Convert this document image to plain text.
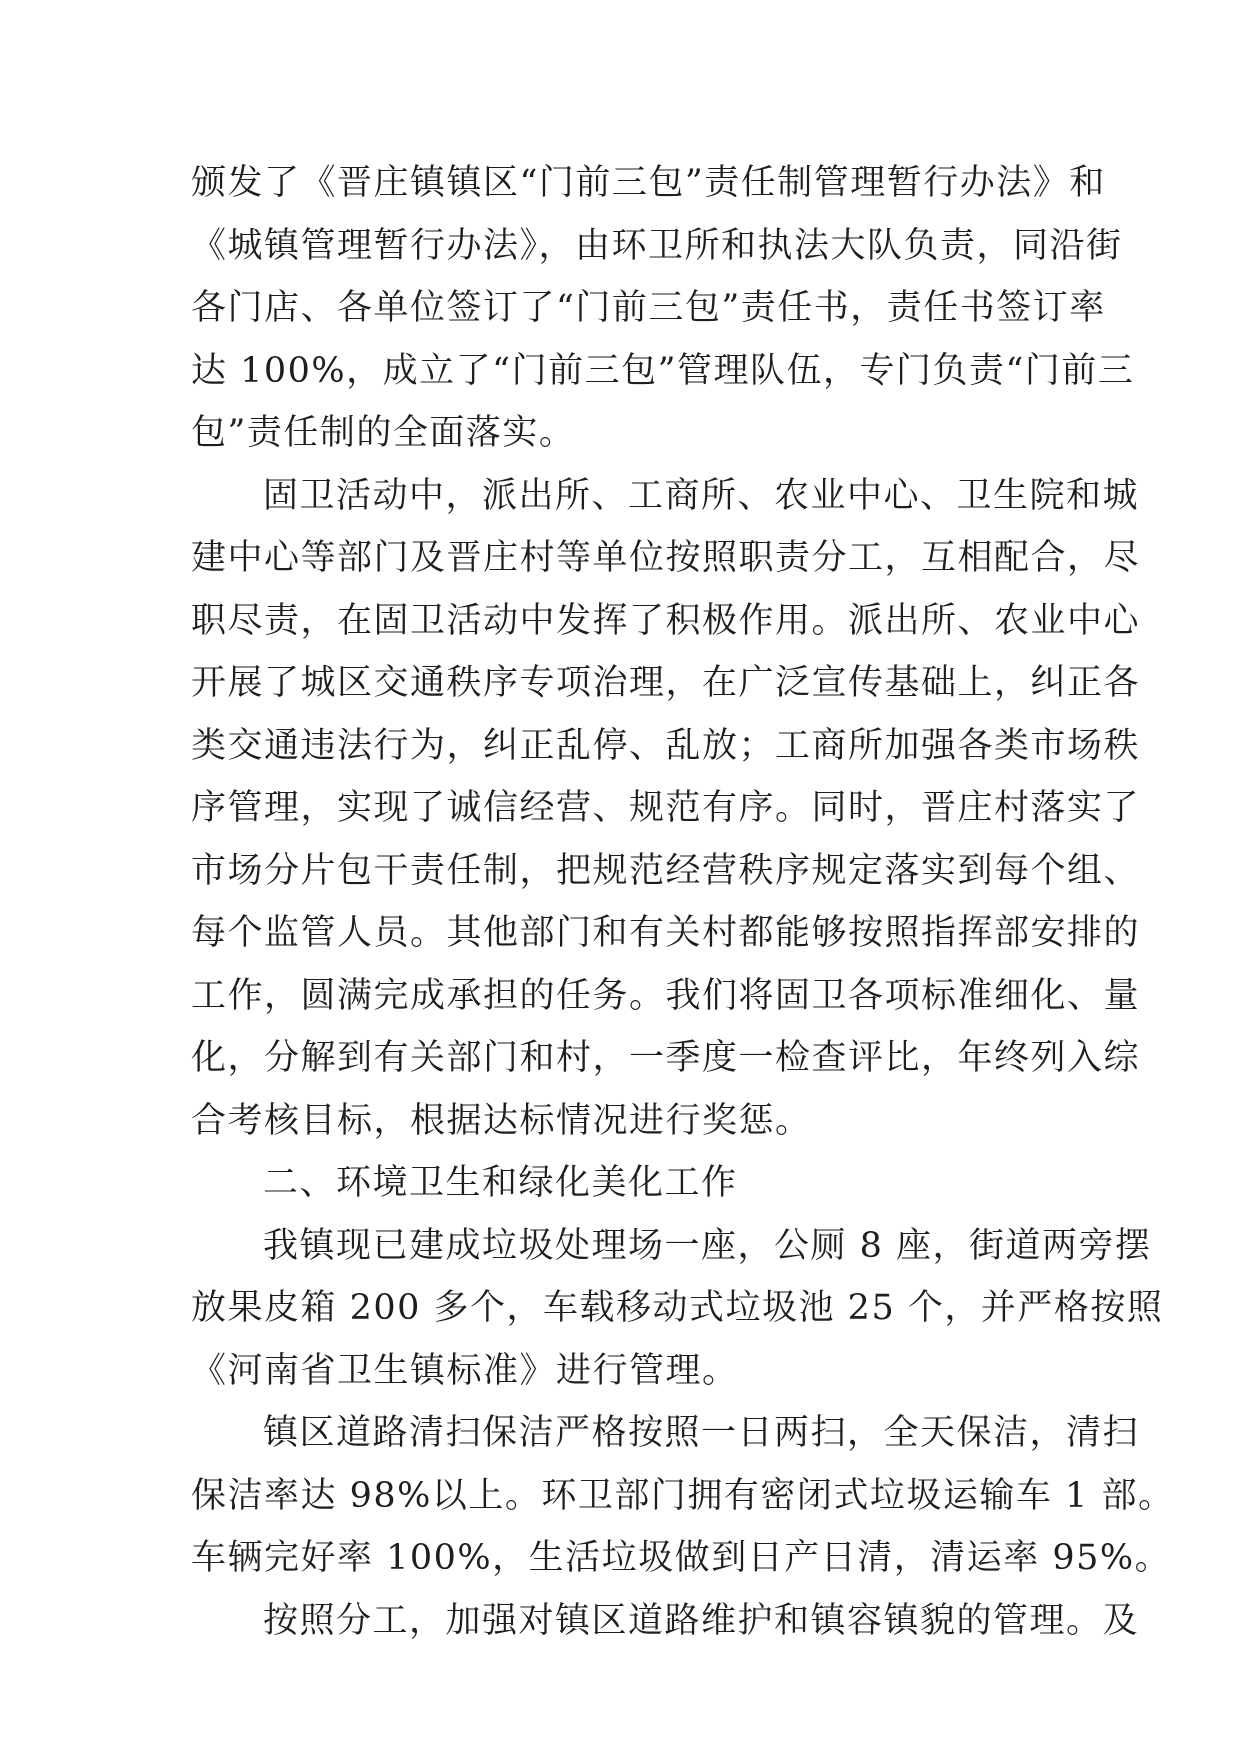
颁发了《晋庄镇镇区“门前三包”责任制管理暂行办法》和
《城镇管理暂行办法》，由环卫所和执法大队负责，同沿街
各门店、各单位签订了“门前三包”责任书，责任书签订率
达 100%，成立了“门前三包”管理队伍，专门负责“门前三
包”责任制的全面落实。
固卫活动中，派出所、工商所、农业中心、卫生院和城
建中心等部门及晋庄村等单位按照职责分工，互相配合，尽
职尽责，在固卫活动中发挥了积极作用。派出所、农业中心
开展了城区交通秩序专项治理，在广泛宣传基础上，纠正各
类交通违法行为，纠正乱停、乱放；工商所加强各类市场秩
序管理，实现了诚信经营、规范有序。同时，晋庄村落实了
市场分片包干责任制，把规范经营秩序规定落实到每个组、
每个监管人员。其他部门和有关村都能够按照指挥部安排的
工作，圆满完成承担的任务。我们将固卫各项标准细化、量
化，分解到有关部门和村，一季度一检查评比，年终列入综
合考核目标，根据达标情况进行奖惩。
二、环境卫生和绿化美化工作
我镇现已建成垃圾处理场一座，公厕 8 座，街道两旁摆
放果皮箱 200 多个，车载移动式垃圾池 25 个，并严格按照
《河南省卫生镇标准》进行管理。
镇区道路清扫保洁严格按照一日两扫，全天保洁，清扫
保洁率达 98%以上。环卫部门拥有密闭式垃圾运输车 1 部。
车辆完好率 100%，生活垃圾做到日产日清，清运率 95%。
按照分工，加强对镇区道路维护和镇容镇貌的管理。及
